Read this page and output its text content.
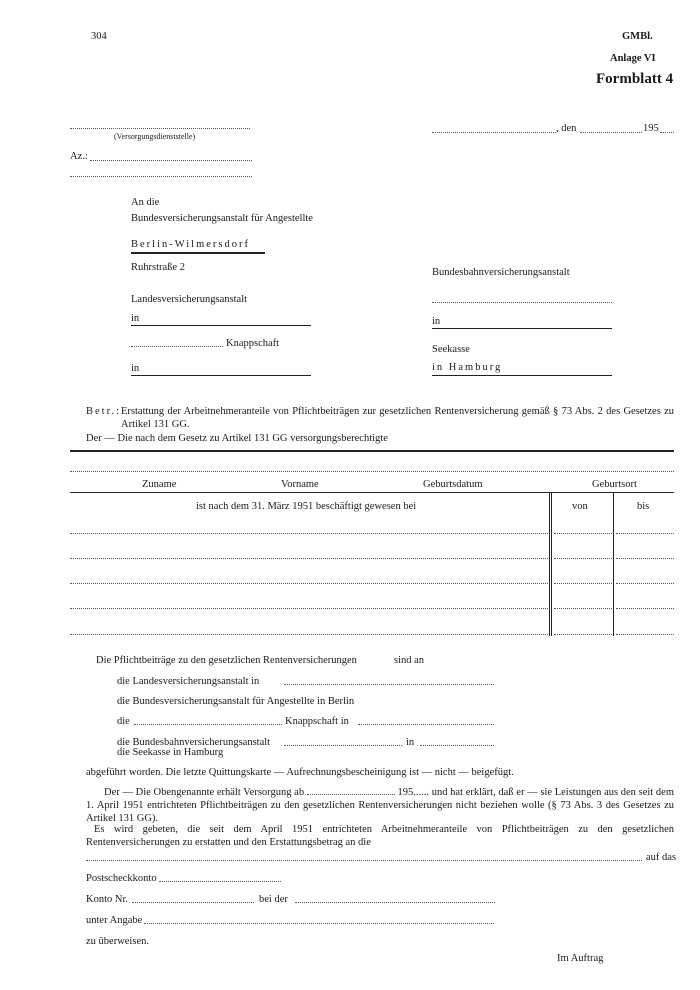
304	GMBl.
Anlage VI
Formblatt 4
(Versorgungsdienststelle)
, den	195
Az.:
An die
Bundesversicherungsanstalt für Angestellte
Berlin-Wilmersdorf
Ruhrstraße 2
Landesversicherungsanstalt
in
Knappschaft
in
Bundesbahnversicherungsanstalt
in
Seekasse
in Hamburg
Betr.: Erstattung der Arbeitnehmeranteile von Pflichtbeiträgen zur gesetzlichen Rentenversicherung gemäß § 73 Abs. 2 des Gesetzes zu Artikel 131 GG.
Der — Die nach dem Gesetz zu Artikel 131 GG versorgungsberechtigte
Zuname	Vorname	Geburtsdatum	Geburtsort
ist nach dem 31. März 1951 beschäftigt gewesen bei	von	bis
Die Pflichtbeiträge zu den gesetzlichen Rentenversicherungen	sind an
die Landesversicherungsanstalt in
die Bundesversicherungsanstalt für Angestellte in Berlin
die	Knappschaft in
die Bundesbahnversicherungsanstalt	in
die Seekasse in Hamburg
abgeführt worden. Die letzte Quittungskarte — Aufrechnungsbescheinigung ist — nicht — beigefügt.
Der — Die Obengenannte erhält Versorgung ab	195...... und hat erklärt, daß er — sie Leistungen aus den seit dem 1. April 1951 entrichteten Pflichtbeiträgen zu den gesetzlichen Rentenversicherungen nicht beziehen wolle (§ 73 Abs. 3 des Gesetzes zu Artikel 131 GG).
Es wird gebeten, die seit dem April 1951 entrichteten Arbeitnehmeranteile von Pflichtbeiträgen zu den gesetzlichen Rentenversicherungen zu erstatten und den Erstattungsbetrag an die
auf das
Postscheckkonto
Konto Nr.	bei der
unter Angabe
zu überweisen.
Im Auftrag
